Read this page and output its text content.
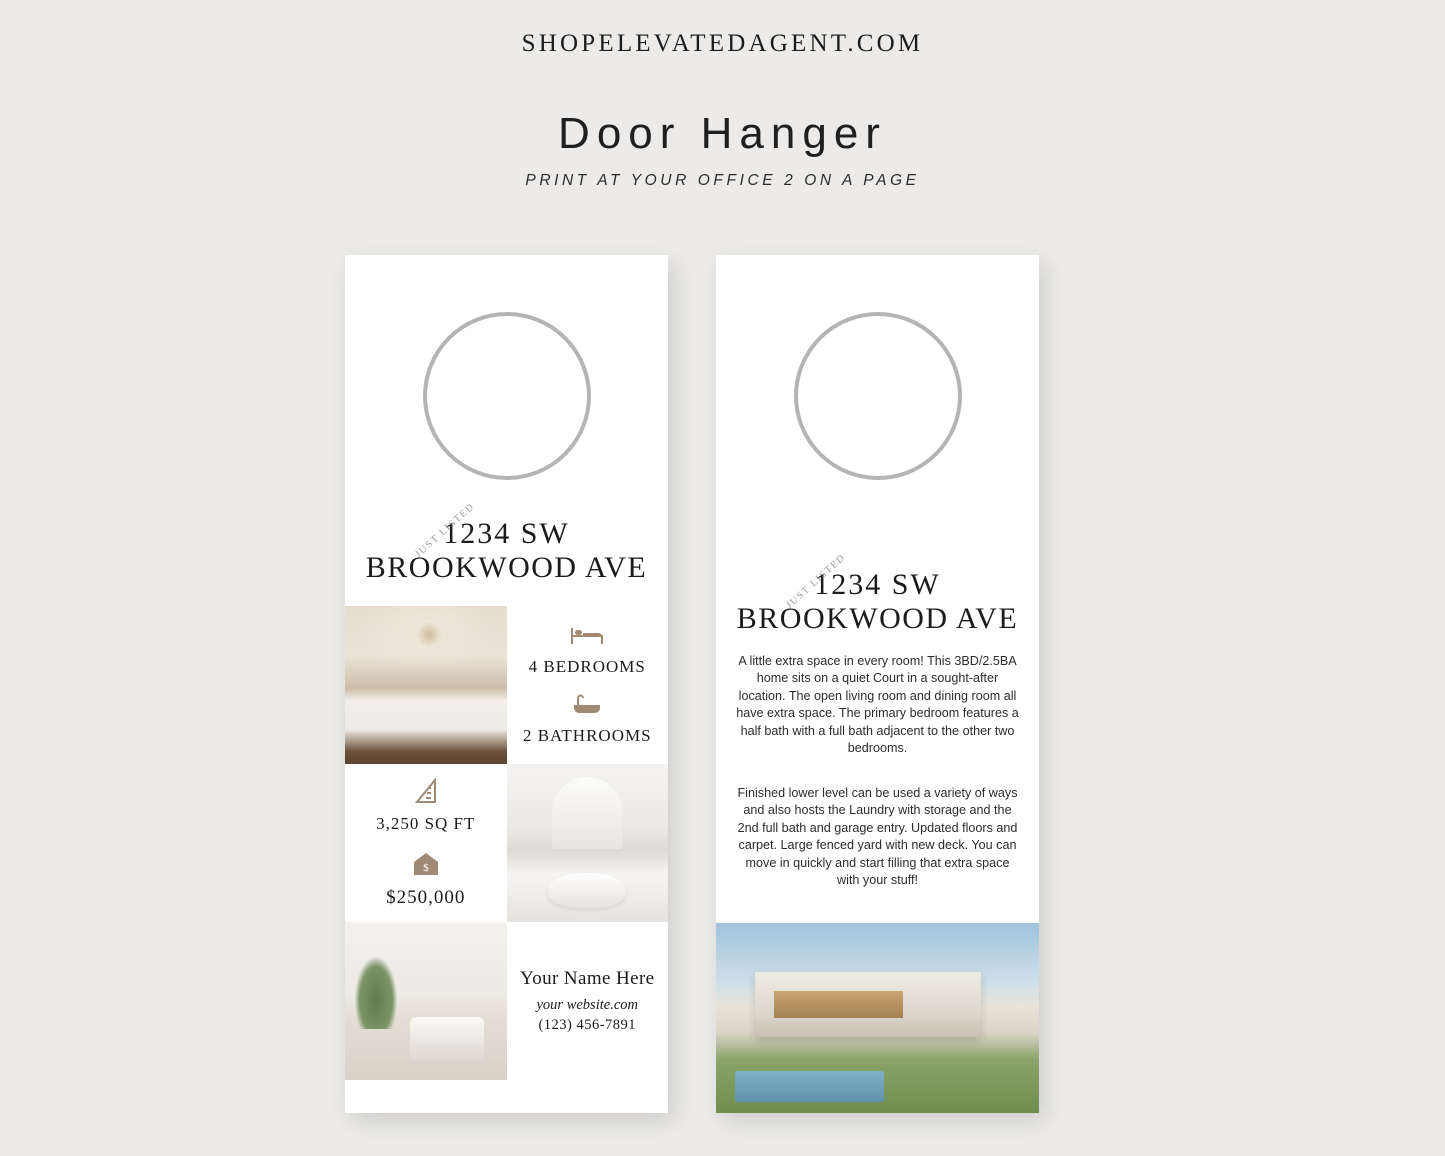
SHOPELEVATEDAGENT.COM
Door Hanger
PRINT AT YOUR OFFICE 2 ON A PAGE
JUST LISTED
1234 SW
BROOKWOOD AVE
4 BEDROOMS
2 BATHROOMS
3,250 SQ FT
$
$250,000
Your Name Here
your website.com
(123) 456-7891
JUST LISTED
1234 SW
BROOKWOOD AVE
A little extra space in every room! This 3BD/2.5BA home sits on a quiet Court in a sought-after location. The open living room and dining room all have extra space. The primary bedroom features a half bath with a full bath adjacent to the other two bedrooms.
Finished lower level can be used a variety of ways and also hosts the Laundry with storage and the 2nd full bath and garage entry. Updated floors and carpet. Large fenced yard with new deck. You can move in quickly and start filling that extra space with your stuff!
